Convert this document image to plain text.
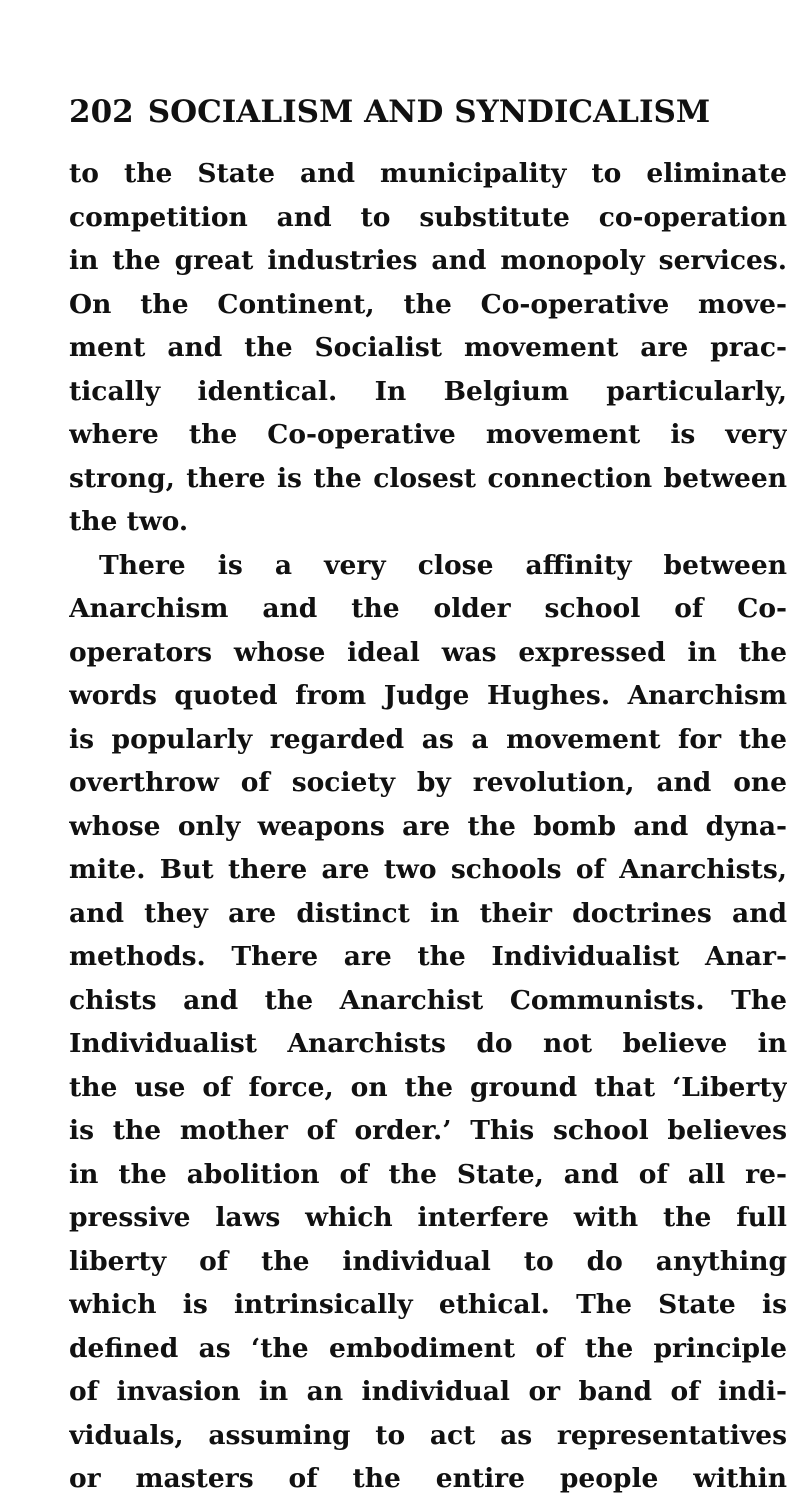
202 SOCIALISM AND SYNDICALISM
to the State and municipality to eliminate
competition and to substitute co-operation
in the great industries and monopoly services.
On the Continent, the Co-operative move-
ment and the Socialist movement are prac-
tically identical. In Belgium particularly,
where the Co-operative movement is very
strong, there is the closest connection between
the two.
There is a very close affinity between
Anarchism and the older school of Co-
operators whose ideal was expressed in the
words quoted from Judge Hughes. Anarchism
is popularly regarded as a movement for the
overthrow of society by revolution, and one
whose only weapons are the bomb and dyna-
mite. But there are two schools of Anarchists,
and they are distinct in their doctrines and
methods. There are the Individualist Anar-
chists and the Anarchist Communists. The
Individualist Anarchists do not believe in
the use of force, on the ground that ‘Liberty
is the mother of order.’ This school believes
in the abolition of the State, and of all re-
pressive laws which interfere with the full
liberty of the individual to do anything
which is intrinsically ethical. The State is
defined as ‘the embodiment of the principle
of invasion in an individual or band of indi-
viduals, assuming to act as representatives
or masters of the entire people within
